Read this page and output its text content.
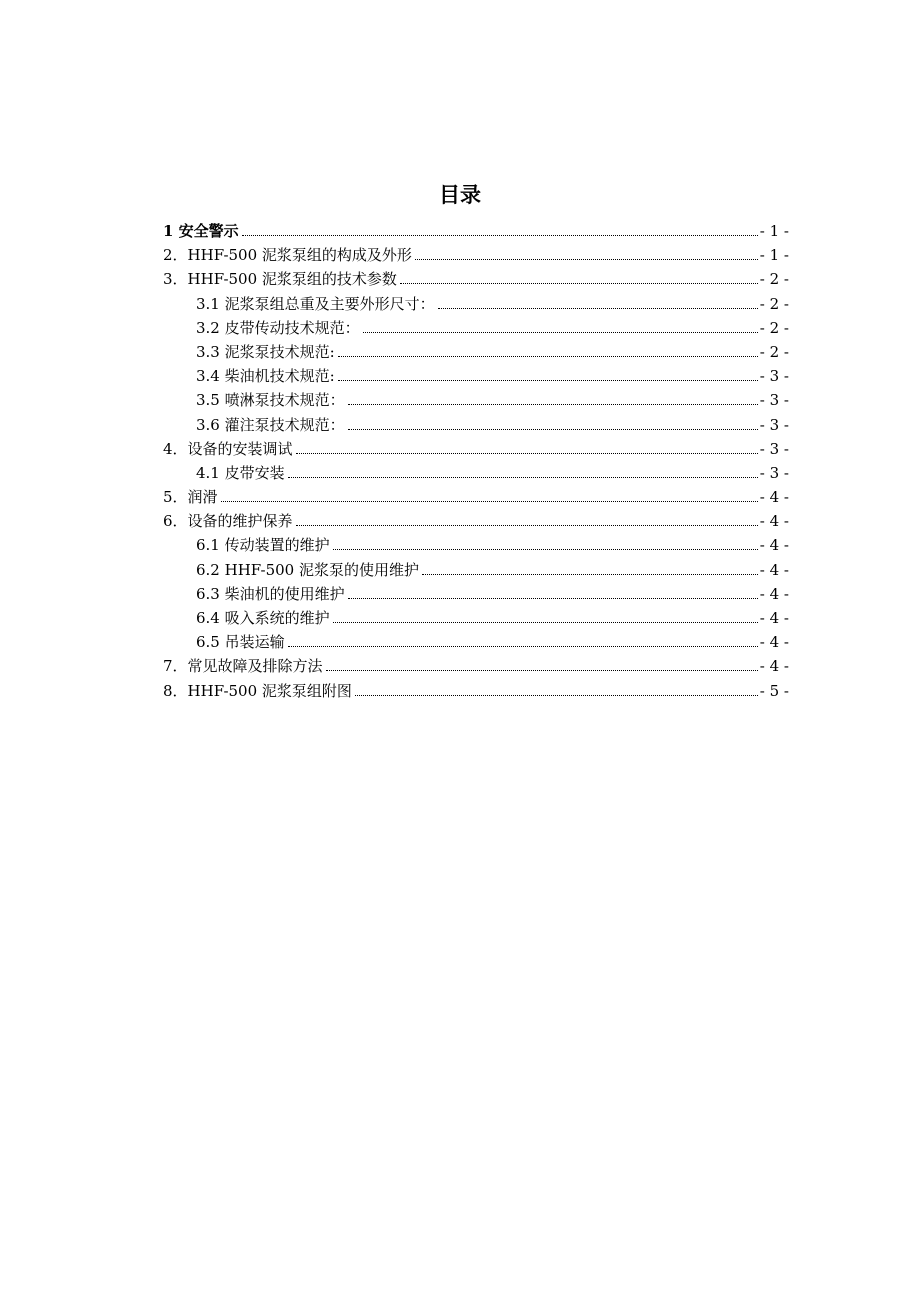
目录
1 安全警示	- 1 -
2．HHF-500 泥浆泵组的构成及外形	- 1 -
3．HHF-500 泥浆泵组的技术参数	- 2 -
3.1 泥浆泵组总重及主要外形尺寸：	- 2 -
3.2 皮带传动技术规范：	- 2 -
3.3 泥浆泵技术规范:	- 2 -
3.4 柴油机技术规范:	- 3 -
3.5 喷淋泵技术规范：	- 3 -
3.6 灌注泵技术规范：	- 3 -
4．设备的安装调试	- 3 -
4.1 皮带安装	- 3 -
5．润滑	- 4 -
6．设备的维护保养	- 4 -
6.1 传动装置的维护	- 4 -
6.2 HHF-500 泥浆泵的使用维护	- 4 -
6.3 柴油机的使用维护	- 4 -
6.4 吸入系统的维护	- 4 -
6.5 吊装运输	- 4 -
7．常见故障及排除方法	- 4 -
8．HHF-500 泥浆泵组附图	- 5 -
